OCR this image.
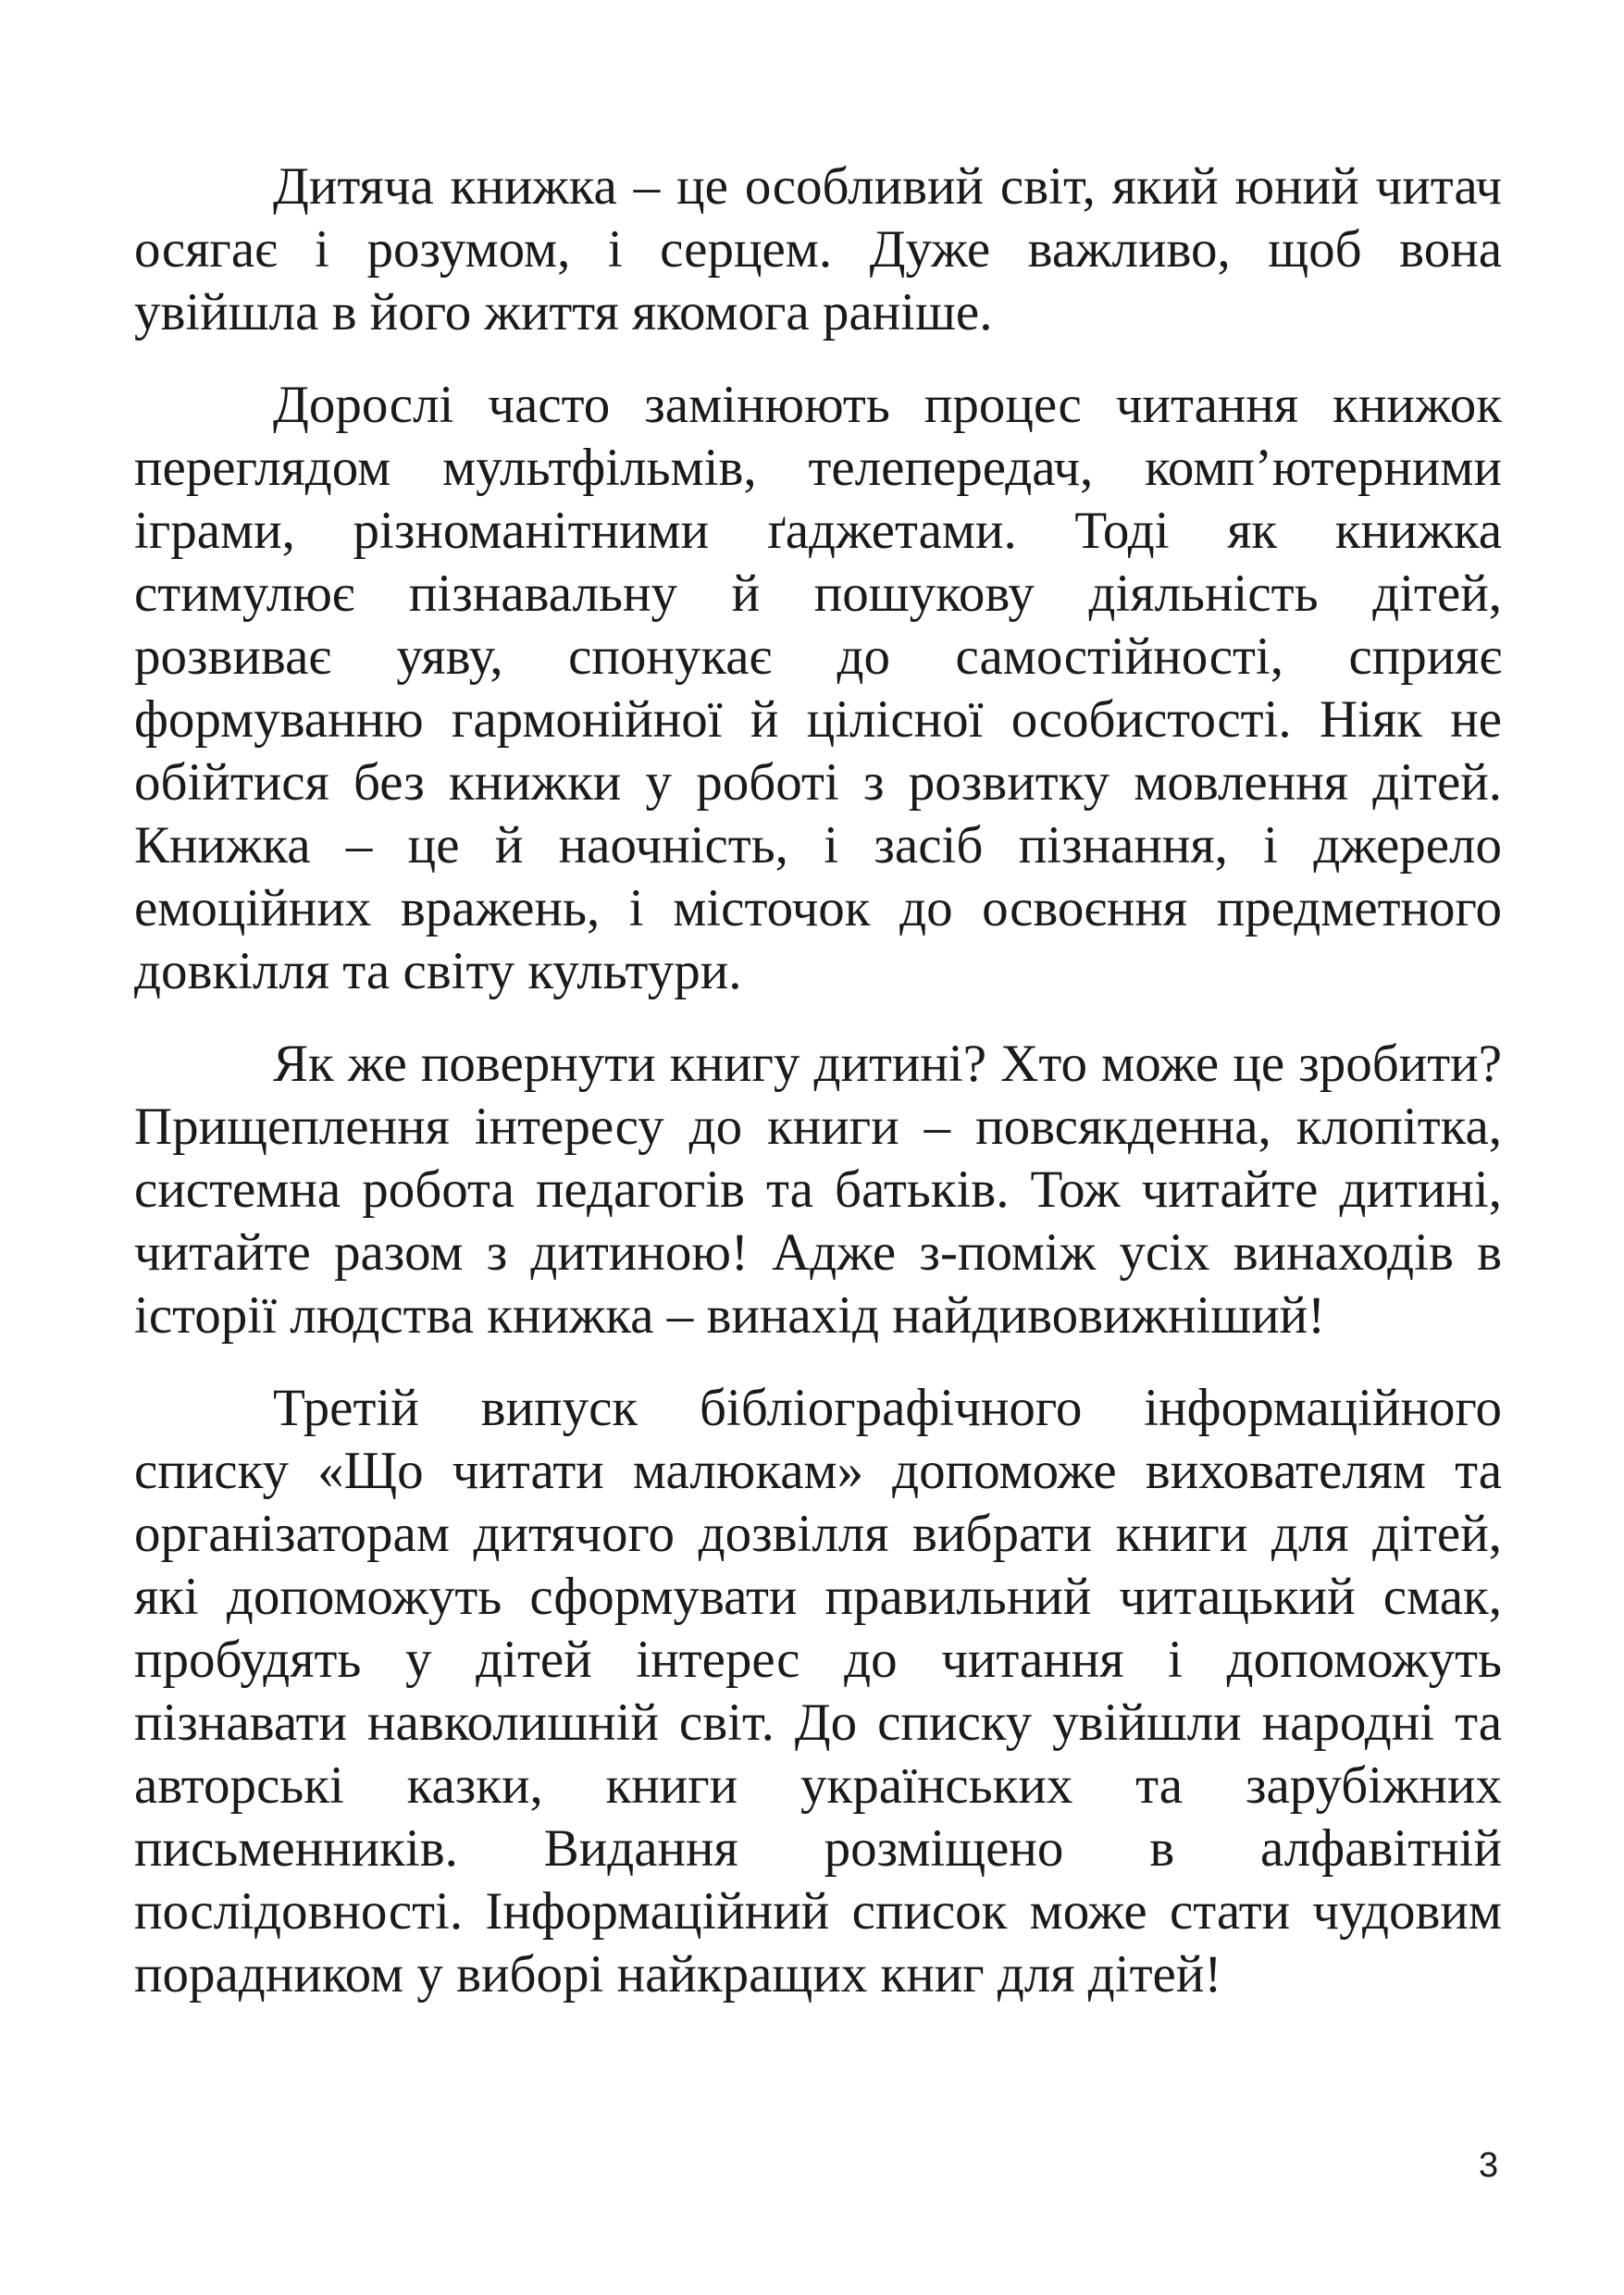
Дитяча книжка – це особливий світ, який юний читач осягає і розумом, і серцем. Дуже важливо, щоб вона увійшла в його життя якомога раніше.

Дорослі часто замінюють процес читання книжок переглядом мультфільмів, телепередач, комп’ютерними іграми, різноманітними ґаджетами. Тоді як книжка стимулює пізнавальну й пошукову діяльність дітей, розвиває уяву, спонукає до самостійності, сприяє формуванню гармонійної й цілісної особистості. Ніяк не обійтися без книжки у роботі з розвитку мовлення дітей. Книжка – це й наочність, і засіб пізнання, і джерело емоційних вражень, і місточок до освоєння предметного довкілля та світу культури.

Як же повернути книгу дитині? Хто може це зробити? Прищеплення інтересу до книги – повсякденна, клопітка, системна робота педагогів та батьків. Тож читайте дитині, читайте разом з дитиною! Адже з-поміж усіх винаходів в історії людства книжка – винахід найдивовижніший!

Третій випуск бібліографічного інформаційного списку «Що читати малюкам» допоможе вихователям та організаторам дитячого дозвілля вибрати книги для дітей, які допоможуть сформувати правильний читацький смак, пробудять у дітей інтерес до читання і допоможуть пізнавати навколишній світ. До списку увійшли народні та авторські казки, книги українських та зарубіжних письменників. Видання розміщено в алфавітній послідовності. Інформаційний список може стати чудовим порадником у виборі найкращих книг для дітей!

3
